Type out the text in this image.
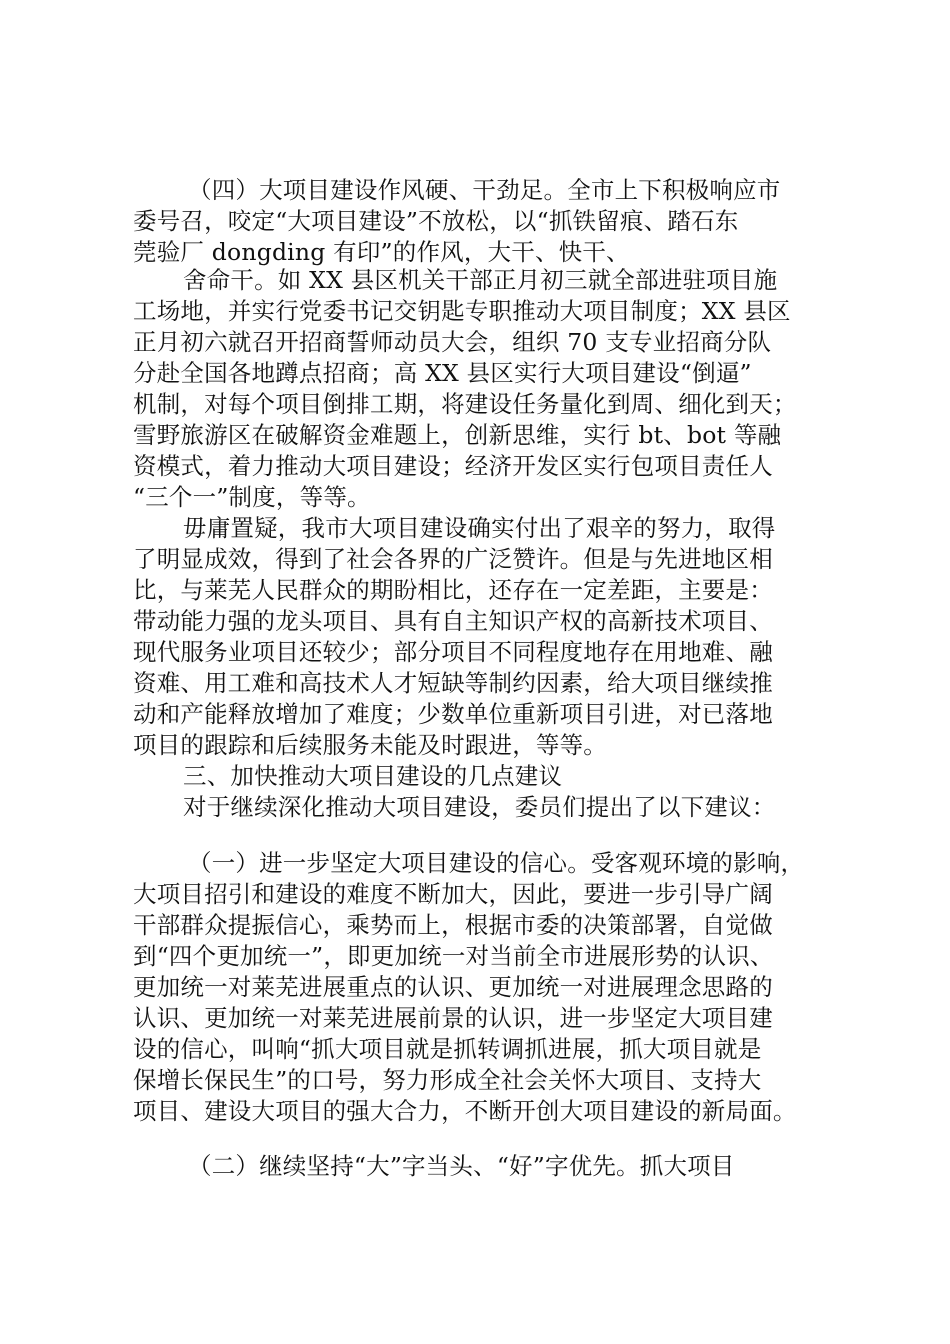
（四）大项目建设作风硬、干劲足。全市上下积极响应市
委号召，咬定“大项目建设”不放松，以“抓铁留痕、踏石东
莞验厂 dongding 有印”的作风，大干、快干、
舍命干。如 XX 县区机关干部正月初三就全部进驻项目施
工场地，并实行党委书记交钥匙专职推动大项目制度；XX 县区
正月初六就召开招商誓师动员大会，组织 70 支专业招商分队
分赴全国各地蹲点招商；高 XX 县区实行大项目建设“倒逼”
机制，对每个项目倒排工期，将建设任务量化到周、细化到天；
雪野旅游区在破解资金难题上，创新思维，实行 bt、bot 等融
资模式，着力推动大项目建设；经济开发区实行包项目责任人
“三个一”制度，等等。
毋庸置疑，我市大项目建设确实付出了艰辛的努力，取得
了明显成效，得到了社会各界的广泛赞许。但是与先进地区相
比，与莱芜人民群众的期盼相比，还存在一定差距，主要是：
带动能力强的龙头项目、具有自主知识产权的高新技术项目、
现代服务业项目还较少；部分项目不同程度地存在用地难、融
资难、用工难和高技术人才短缺等制约因素，给大项目继续推
动和产能释放增加了难度；少数单位重新项目引进，对已落地
项目的跟踪和后续服务未能及时跟进，等等。
三、加快推动大项目建设的几点建议
对于继续深化推动大项目建设，委员们提出了以下建议：
（一）进一步坚定大项目建设的信心。受客观环境的影响，
大项目招引和建设的难度不断加大，因此，要进一步引导广阔
干部群众提振信心，乘势而上，根据市委的决策部署，自觉做
到“四个更加统一”，即更加统一对当前全市进展形势的认识、
更加统一对莱芜进展重点的认识、更加统一对进展理念思路的
认识、更加统一对莱芜进展前景的认识，进一步坚定大项目建
设的信心，叫响“抓大项目就是抓转调抓进展，抓大项目就是
保增长保民生”的口号，努力形成全社会关怀大项目、支持大
项目、建设大项目的强大合力，不断开创大项目建设的新局面。
（二）继续坚持“大”字当头、“好”字优先。抓大项目
